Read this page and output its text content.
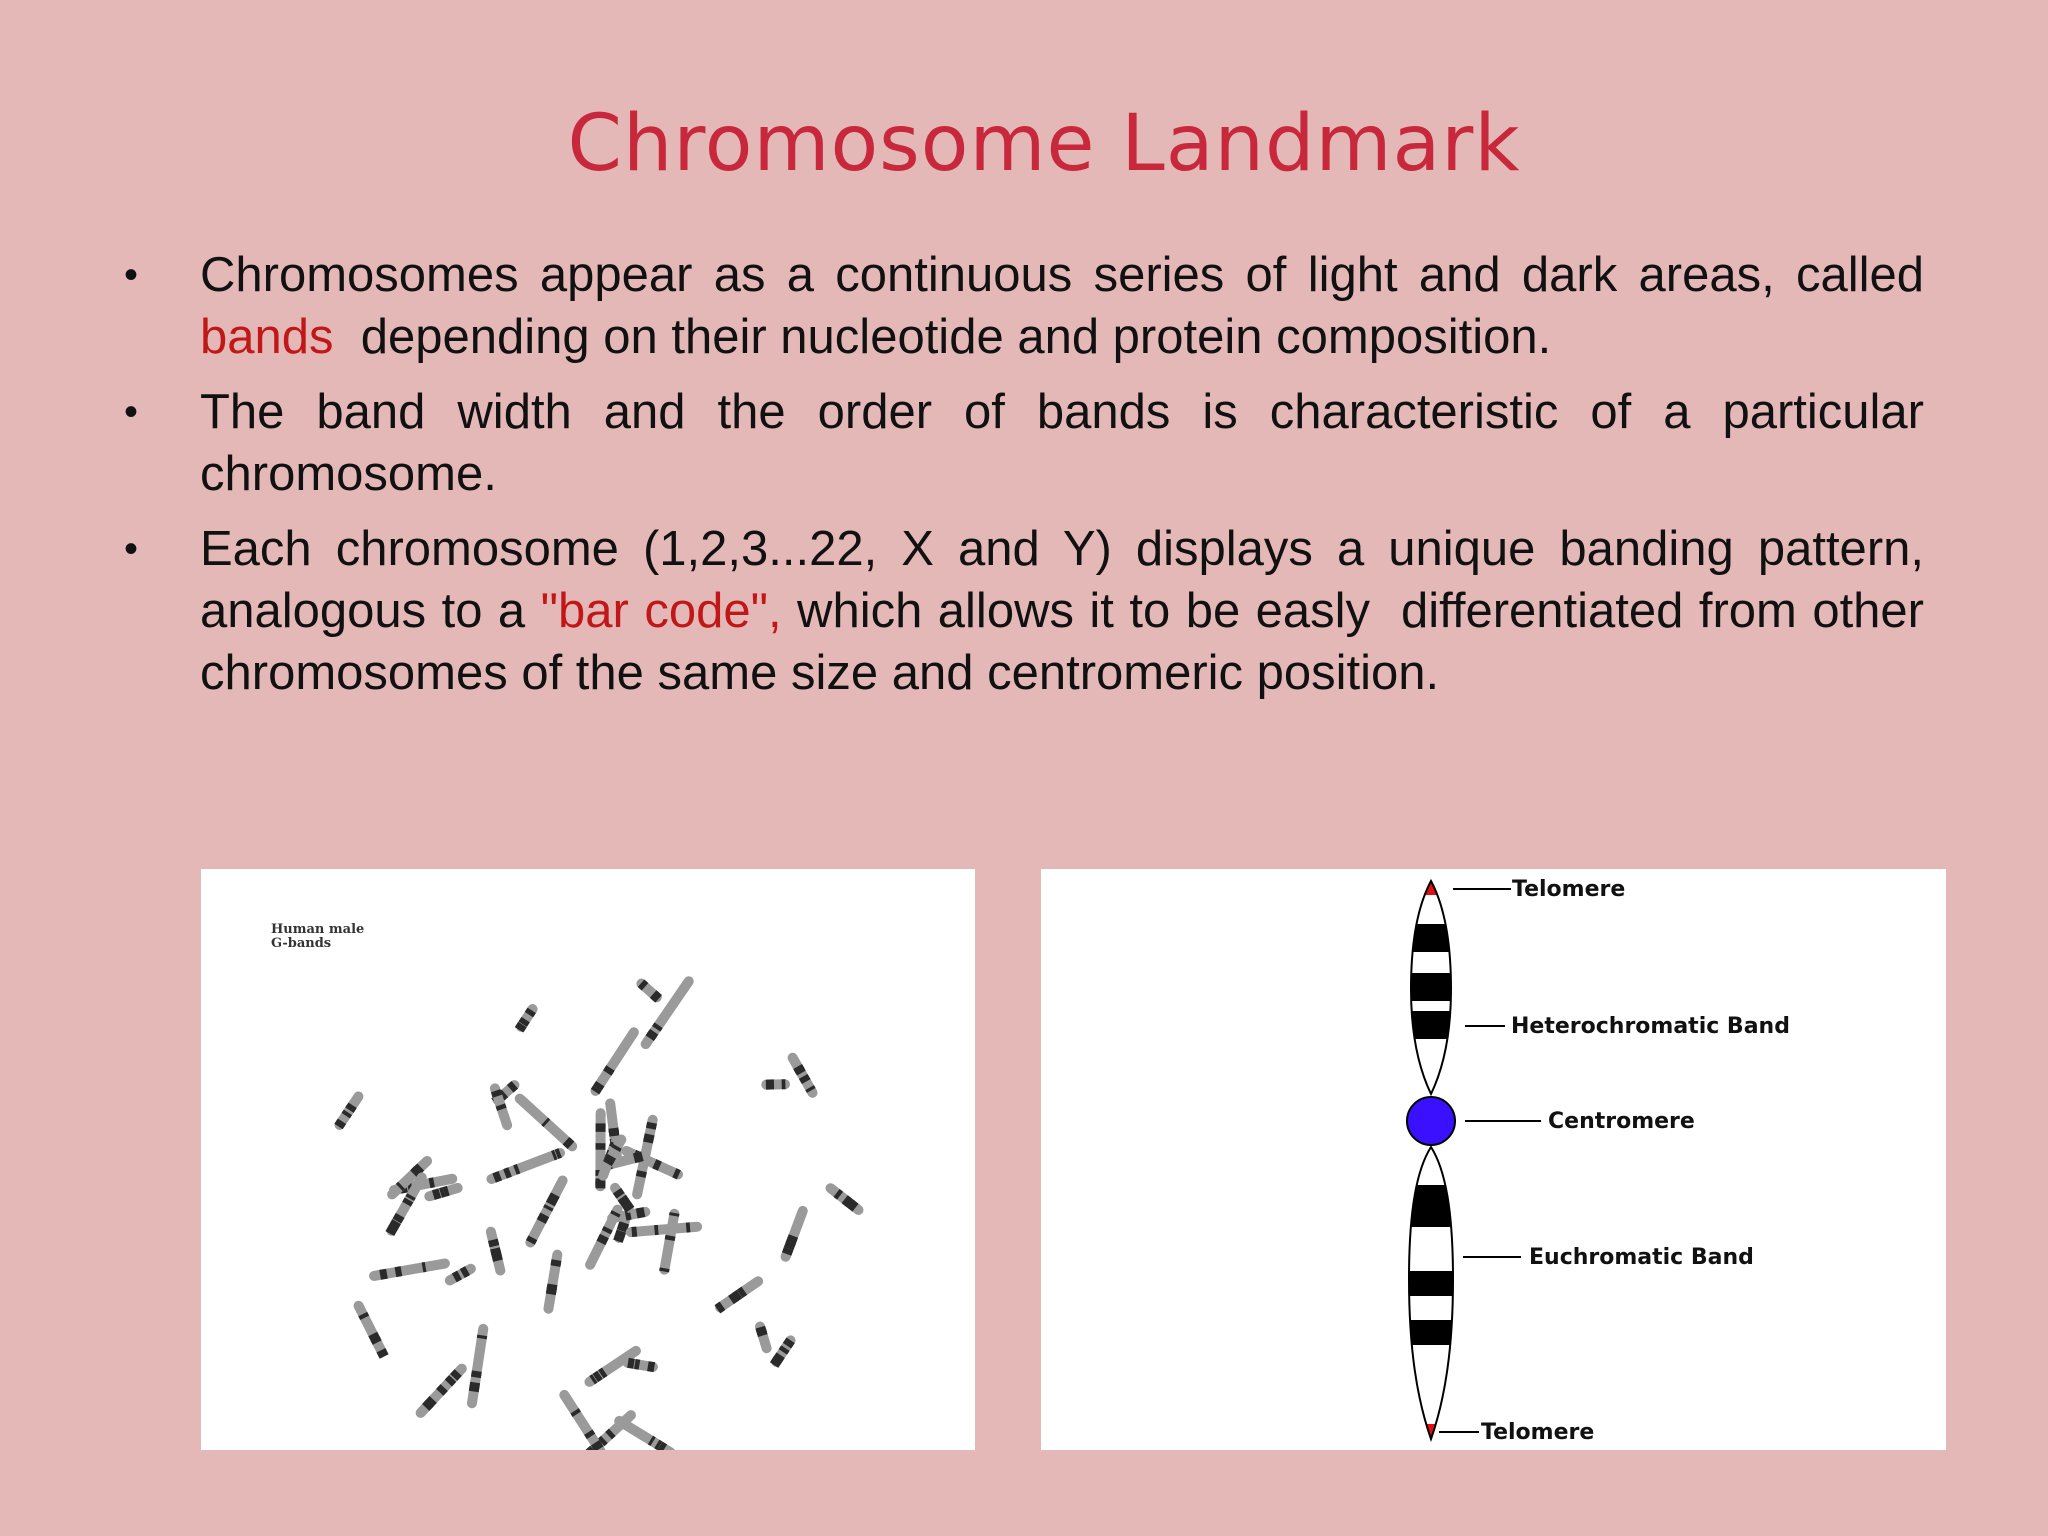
Chromosome Landmark
• Chromosomes appear as a continuous series of light and dark areas, called bands  depending on their nucleotide and protein composition.
• The band width and the order of bands is characteristic of a particular chromosome.
• Each chromosome (1,2,3...22, X and Y) displays a unique banding pattern, analogous to a "bar code", which allows it to be easly  differentiated from other chromosomes of the same size and centromeric position.
Human male
G-bands
Telomere
Heterochromatic Band
Centromere
Euchromatic Band
Telomere
